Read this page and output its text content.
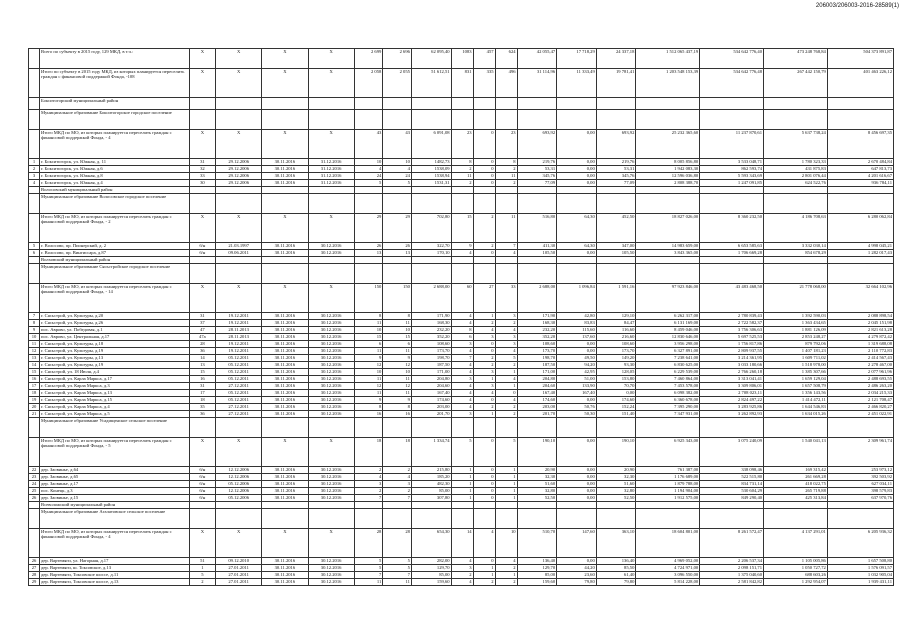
206003/206003-2016-28589(1)
	Всего по субъекту в 2015 году, 129 МКД, в т.ч.:	X	X	X	X	2 699	2 696	62 095,40	1083	457	624	42 055,47	17 718,29	24 337,18	1 512 065 437,19	534 642 776,40	473 248 768,84	504 373 891,87
	Итого по субъекту в 2015 году МКД, из которых планируется переселить граждан с финансовой поддержкой Фонда, -108	X	X	X	X	2 058	2 055	51 612,51	831	335	496	31 114,96	11 333,49	19 781,41	1 203 548 153,39	534 642 776,48	267 442 150,79	401 463 226,12
	Бокситогорский муниципальный район																	
	Муниципальное образование Бокситогорское городское поселение																	
	Итого МКД по МО, из которых планируется переселить граждан с финансовой поддержкой Фонда, - 4	X	X	X	X	43	43	6 091,08	23	0	23	693,92	0,00	693,92	25 232 365,60	11 237 870,61	5 637 738,24	8 456 697,35
1	г. Бокситогорск, ул. Южная, д. 11	31	29.12.2006	30.11.2016	31.12.2016	10	10	1482,73	8	0	8	219,76	0,00	219,76	8 005 856,80	3 533 048,71	1 780 323,33	2 670 484,84
2	г. Бокситогорск, ул. Южная, д.6	32	29.12.2006	30.11.2016	31.12.2016	4	4	1538,09	2	0	2	53,31	0,00	53,31	1 942 083,30	862 593,74	431 875,83	647 813,73
3	г. Бокситогорск, ул. Южная, д.8	33	29.12.2006	30.11.2016	31.12.2016	24	24	1538,94	11	0	11	345,76	0,00	345,76	12 596 036,80	5 593 343,69	2 801 076,44	4 201 616,67
4	г. Бокситогорск, ул. Южная, д.4	30	29.12.2006	30.11.2016	31.12.2016	5	5	1531,31	2	0	2	77,09	0,00	77,09	2 808 388,70	1 247 091,85	624 522,76	936 784,11
	Волосовский муниципальный район																	
	Муниципальное образование Волосовское городское поселение																	
	Итого МКД по МО, из которых планируется переселить граждан с финансовой поддержкой Фонда, - 2	X	X	X	X	29	29	702,80	15	2	11	516,80	64,30	452,50	18 827 026,00	8 360 232,50	4 186 708,63	6 280 062,84
5	г. Волосово, пр. Пионерский, д. 2	б/н	21.03.1997	30.11.2016	30.12.2016	26	26	322,70	9	2	7	411,30	64,30	347,00	14 983 659,00	6 653 585,63	3 332 030,14	4 998 045,21
6	г. Волосово, пр. Вингиссара, д.87	б/н	09.06.2011	30.11.2016	30.12.2016	13	13	170,10	4	0	4	105,50	0,00	105,50	3 843 365,00	1 706 669,28	854 678,29	1 282 017,43
	Волховский муниципальный район																	
	Муниципальное образование Сясьстройское городское поселение																	
	Итого МКД по МО, из которых планируется переселить граждан с финансовой поддержкой Фонда, - 14	X	X	X	X	150	150	2 688,00	60	27	33	2 688,00	1 096,84	1 591,16	97 923 846,00	43 483 468,50	21 778 068,00	32 664 102,96
7	г. Сясьстрой, ул. Культуры, д.20	31	19.12.2011	30.11.2016	30.12.2016	8	8	171,90	4	1	3	171,90	42,80	129,10	6 262 317,00	2 780 839,43	1 392 590,03	2 088 898,54
8	г. Сясьстрой, ул. Культуры, д.26	37	19.12.2011	30.11.2016	30.12.2016	11	11	168,30	4	2	2	168,30	83,83	84,47	6 131 169,00	2 722 582,37	1 363 434,65	2 045 151,98
9	пос. Аврово, ул. Победовая, д.1	47	28.11.2013	30.11.2016	30.12.2016	10	10	232,20	8	4	4	232,20	115,60	116,60	8 459 046,00	3 756 306,63	1 881 126,09	2 821 613,28
10	пос. Аврово, ул. Центральная, д.17	47а	28.11.2013	30.11.2016	30.12.2016	15	15	352,20	6	3	3	352,20	137,60	216,60	12 830 646,00	5 697 525,53	2 853 248,27	4 279 872,42
11	г. Сясьстрой, ул. Культуры, д.18	28	19.12.2011	30.11.2016	30.12.2016	6	6	108,60	3	0	3	108,60	0,00	108,60	3 956 298,00	1 756 817,86	879 792,06	1 319 688,08
12	г. Сясьстрой, ул. Культуры, д.19	36	19.12.2011	30.11.2016	30.12.2016	11	11	173,70	4	0	4	173,70	0,00	173,70	6 327 891,00	2 809 937,55	1 407 181,23	2 110 772,83
13	г. Сясьстрой, ул. Культуры, д.13	14	05.12.2011	30.11.2016	30.12.2016	9	9	198,70	7	2	5	198,70	49,50	149,20	7 238 641,00	3 214 361,95	1 609 711,02	2 414 567,43
14	г. Сясьстрой, ул. Культуры, д.19	13	05.12.2011	30.11.2016	30.12.2016	12	12	187,50	4	2	2	187,50	94,20	93,30	6 830 625,00	3 033 180,66	1 518 978,00	2 278 467,00
15	г. Сясьстрой, ул. 18 Июля, д.4	15	05.12.2011	30.11.2016	30.12.2016	10	10	171,00	4	3	1	171,00	42,95	128,05	6 229 539,00	2 766 260,18	1 385 307,66	2 077 961,96
16	г. Сясьстрой, ул. Карла Маркса, д.17	16	05.12.2011	30.11.2016	30.12.2016	11	11	204,80	3	1	4	204,80	51,00	153,80	7 460 864,00	3 313 041,41	1 659 129,04	2 488 693,55
17	г. Сясьстрой, ул. Карла Маркса, д.3	31	27.12.2011	30.11.2016	30.12.2016	12	12	204,60	4	3	1	204,60	133,90	70,70	7 453 578,00	3 309 806,01	1 657 508,79	2 486 263,20
18	г. Сясьстрой, ул. Карла Маркса, д.13	17	05.12.2011	30.11.2016	30.12.2016	11	11	167,40	4	4	0	167,40	167,40	0,00	6 098 382,00	2 708 023,11	1 356 143,56	2 034 215,33
19	г. Сясьстрой, ул. Карла Маркса, д.15	18	05.12.2011	30.11.2016	30.12.2016	9	9	174,60	4	0	4	174,60	0,00	174,60	6 360 678,00	2 824 497,22	1 414 472,11	2 121 708,47
20	г. Сясьстрой, ул. Карла Маркса, д.4	35	27.12.2011	30.11.2016	30.12.2016	8	8	203,00	4	2	2	203,00	50,76	152,24	7 395 290,00	3 283 925,86	1 644 546,83	2 466 820,27
21	г. Сясьстрой, ул. Карла Маркса, д.5	36	27.12.2011	30.11.2016	30.12.2016	16	16	201,70	3	1	2	201,70	50,30	151,40	7 347 931,00	3 262 892,93	1 634 015,26	2 451 022,91
	Муниципальное образование Усадищенское сельское поселение																	
	Итого МКД по МО, из которых планируется переселить граждан с финансовой поддержкой Фонда, - 5	X	X	X	X	18	18	1 334,74	5	0	5	190,10	0,00	190,10	6 925 343,00	3 075 240,09	1 540 041,13	2 309 961,74
22	дер. Заовинье, д.64	б/н	12.12.2006	30.11.2016	30.12.2016	2	2	215,80	1	0	1	20,90	0,00	20,90	761 387,00	338 098,46	169 315,42	253 973,12
23	дер. Заовинье, д.65	б/н	12.12.2006	30.11.2016	30.12.2016	4	4	185,20	1	0	1	32,30	0,00	32,30	1 176 689,00	522 515,80	261 669,28	392 503,92
24	дер. Заовинье, д.17	б/н	05.12.2006	30.11.2016	30.12.2016	3	3	482,30	1	0	1	51,60	0,00	51,60	1 879 788,00	834 731,14	418 022,75	627 034,11
25	пос. Конецк, д.3	б/н	12.12.2006	30.11.2016	30.12.2016	2	2	85,00	1	0	1	32,80	0,00	32,80	1 194 904,00	530 604,29	265 719,88	398 579,83
26	дер. Заовинье, д.15	б/н	05.12.2006	30.11.2016	30.12.2016	7	7	307,80	1	0	1	52,50	0,00	52,50	1 912 575,00	849 290,40	425 313,84	637 970,76
	Всеволожский муниципальный район																	
	Муниципальное образование Агалатовское сельское поселение																	
	Итого МКД по МО, из которых планируется переселить граждан с финансовой поддержкой Фонда, - 4	X	X	X	X	28	28	654,30	14	4	10	510,70	147,60	363,10	18 604 801,00	8 261 572,47	4 137 291,01	6 205 936,32
26	дер. Вартемяги, ул. Нагорная, д.17	51	09.12.2010	30.11.2016	30.12.2016	5	5	282,00	4	0	4	136,40	0,00	136,40	4 969 052,00	2 206 537,34	1 105 005,86	1 657 508,80
27	дер. Вартемяги, ш. Токсовское, д.13	1	27.01.2011	30.11.2016	30.12.2016	5	5	129,70	3	1	2	129,70	44,20	85,50	4 724 971,00	2 098 151,71	1 050 727,72	1 576 091,57
28	дер. Вартемяги, Токсовское шоссе, д.11	5	27.01.2011	30.11.2016	30.12.2016	7	7	85,00	2	1	1	85,00	23,60	61,40	3 096 550,00	1 375 040,60	688 603,26	1 032 905,04
29	дер. Вартемяги, Токсовское шоссе, д.13	2	27.01.2011	30.11.2016	30.12.2016	11	11	159,60	4	2	2	159,60	79,80	79,80	5 814 228,00	2 581 842,82	1 292 954,07	1 939 431,11
